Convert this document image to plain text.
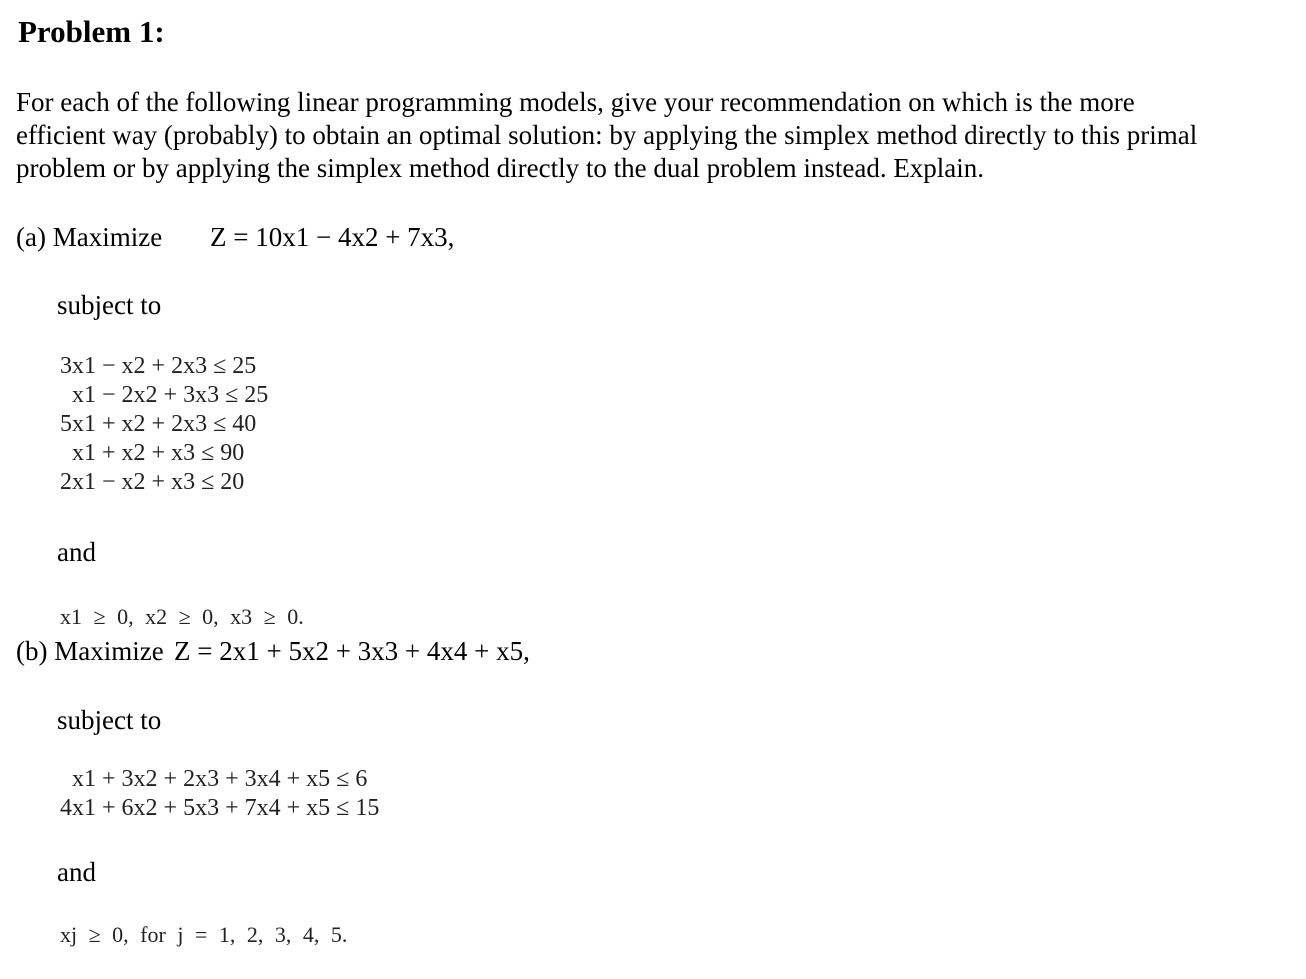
Problem 1:
For each of the following linear programming models, give your recommendation on which is the more
efficient way (probably) to obtain an optimal solution: by applying the simplex method directly to this primal
problem or by applying the simplex method directly to the dual problem instead. Explain.
(a) Maximize Z = 10x1 − 4x2 + 7x3,
subject to
3x1 − x2 + 2x3 ≤ 25
x1 − 2x2 + 3x3 ≤ 25
5x1 + x2 + 2x3 ≤ 40
x1 + x2 + x3 ≤ 90
2x1 − x2 + x3 ≤ 20
and
x1 ≥ 0, x2 ≥ 0, x3 ≥ 0.
(b) Maximize Z = 2x1 + 5x2 + 3x3 + 4x4 + x5,
subject to
x1 + 3x2 + 2x3 + 3x4 + x5 ≤ 6
4x1 + 6x2 + 5x3 + 7x4 + x5 ≤ 15
and
xj ≥ 0, for j = 1, 2, 3, 4, 5.
